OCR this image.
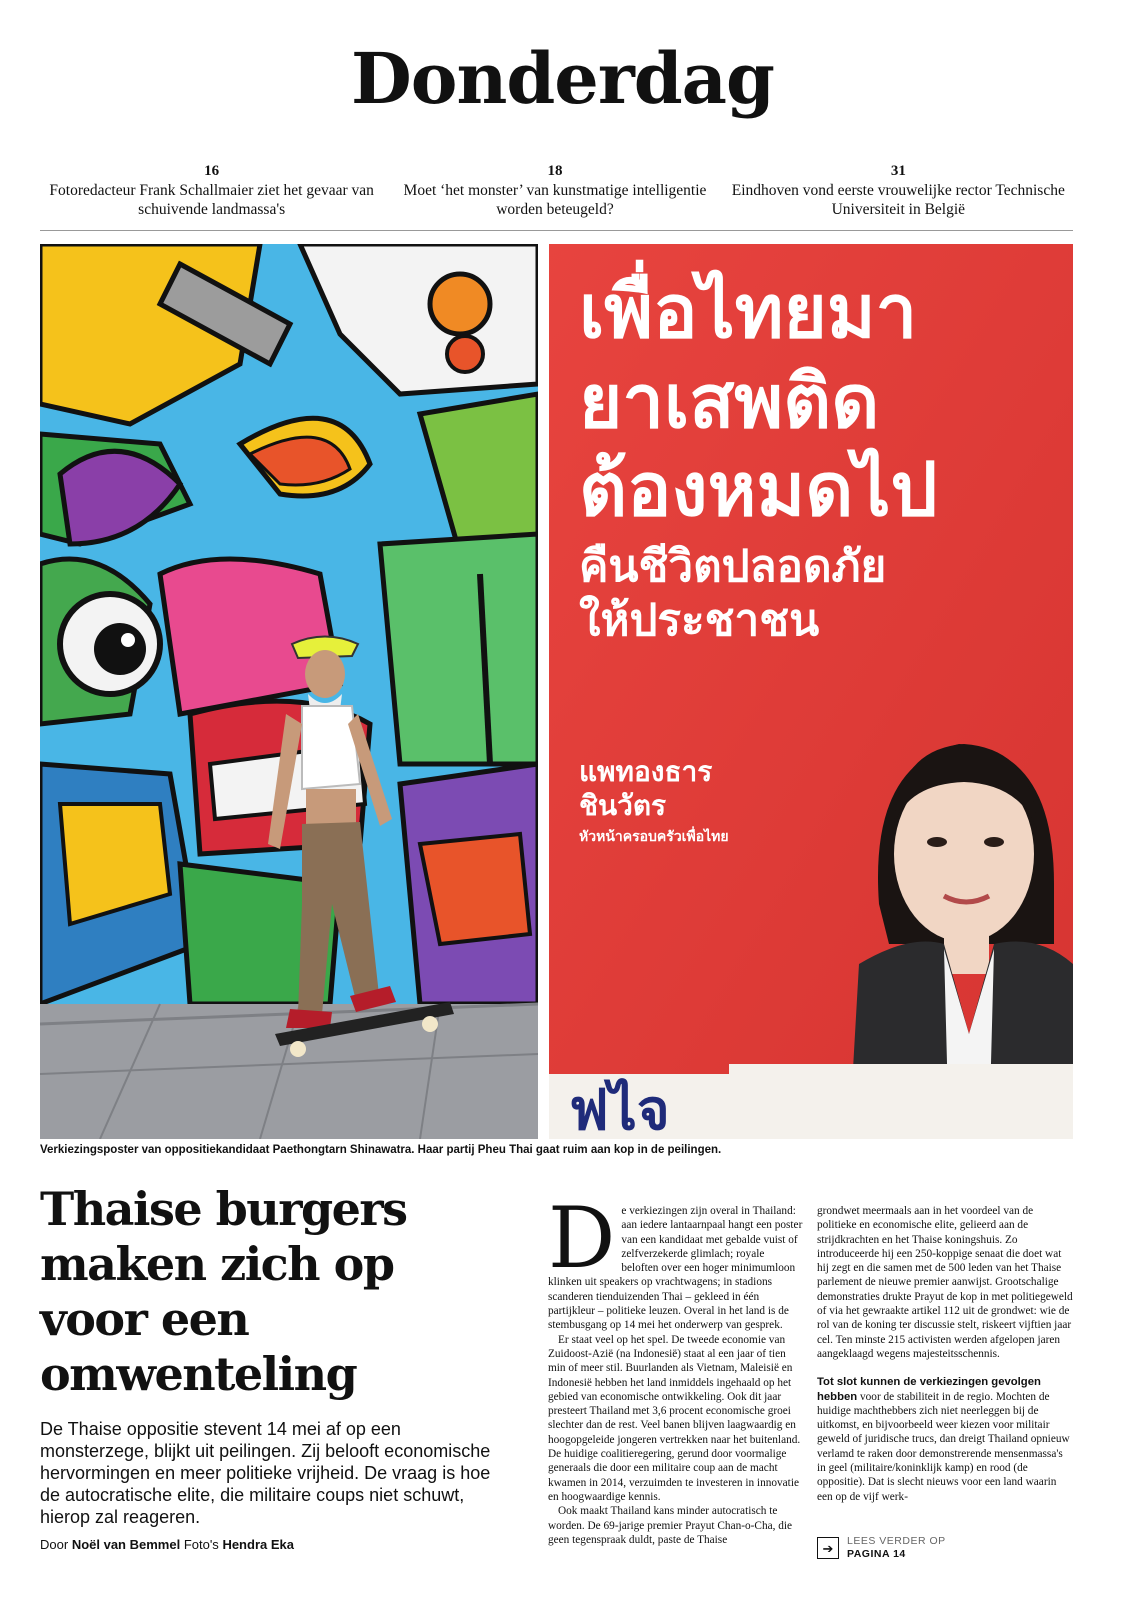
Donderdag
16
Fotoredacteur Frank Schallmaier ziet het gevaar van schuivende landmassa's
18
Moet ‘het monster’ van kunstmatige intelligentie worden beteugeld?
31
Eindhoven vond eerste vrouwelijke rector Technische Universiteit in België
ฟไจ
เพื่อไทยมา
ยาเสพติด
ต้องหมดไป
คืนชีวิตปลอดภัย
ให้ประชาชน
แพทองธาร
ชินวัตร
หัวหน้าครอบครัวเพื่อไทย
Verkiezingsposter van oppositiekandidaat Paethongtarn Shinawatra. Haar partij Pheu Thai gaat ruim aan kop in de peilingen.
Thaise burgers maken zich op voor een omwenteling

De Thaise oppositie stevent 14 mei af op een monsterzege, blijkt uit peilingen. Zij belooft economische hervormingen en meer politieke vrijheid. De vraag is hoe de autocratische elite, die militaire coups niet schuwt, hierop zal reageren.

Door Noël van Bemmel Foto's Hendra Eka
D e verkiezingen zijn overal in Thailand: aan iedere lantaarnpaal hangt een poster van een kandidaat met gebalde vuist of zelfverzekerde glimlach; royale beloften over een hoger minimumloon klinken uit speakers op vrachtwagens; in stadions scanderen tienduizenden Thai – gekleed in één partijkleur – politieke leuzen. Overal in het land is de stembusgang op 14 mei het onderwerp van gesprek.

Er staat veel op het spel. De tweede economie van Zuidoost-Azië (na Indonesië) staat al een jaar of tien min of meer stil. Buurlanden als Vietnam, Maleisië en Indonesië hebben het land inmiddels ingehaald op het gebied van economische ontwikkeling. Ook dit jaar presteert Thailand met 3,6 procent economische groei slechter dan de rest. Veel banen blijven laagwaardig en hoogopgeleide jongeren vertrekken naar het buitenland. De huidige coalitieregering, gerund door voormalige generaals die door een militaire coup aan de macht kwamen in 2014, verzuimden te investeren in innovatie en hoogwaardige kennis.

Ook maakt Thailand kans minder autocratisch te worden. De 69-jarige premier Prayut Chan-o-Cha, die geen tegenspraak duldt, paste de Thaise

grondwet meermaals aan in het voordeel van de politieke en economische elite, gelieerd aan de strijdkrachten en het Thaise koningshuis. Zo introduceerde hij een 250-koppige senaat die doet wat hij zegt en die samen met de 500 leden van het Thaise parlement de nieuwe premier aanwijst. Grootschalige demonstraties drukte Prayut de kop in met politiegeweld of via het gewraakte artikel 112 uit de grondwet: wie de rol van de koning ter discussie stelt, riskeert vijftien jaar cel. Ten minste 215 activisten werden afgelopen jaren aangeklaagd wegens majesteitsschennis.

Tot slot kunnen de verkiezingen gevolgen hebben voor de stabiliteit in de regio. Mochten de huidige machthebbers zich niet neerleggen bij de uitkomst, en bijvoorbeeld weer kiezen voor militair geweld of juridische trucs, dan dreigt Thailand opnieuw verlamd te raken door demonstrerende mensenmassa's in geel (militaire/koninklijk kamp) en rood (de oppositie). Dat is slecht nieuws voor een land waarin een op de vijf werk-

➔	LEES VERDER OP
PAGINA 14
